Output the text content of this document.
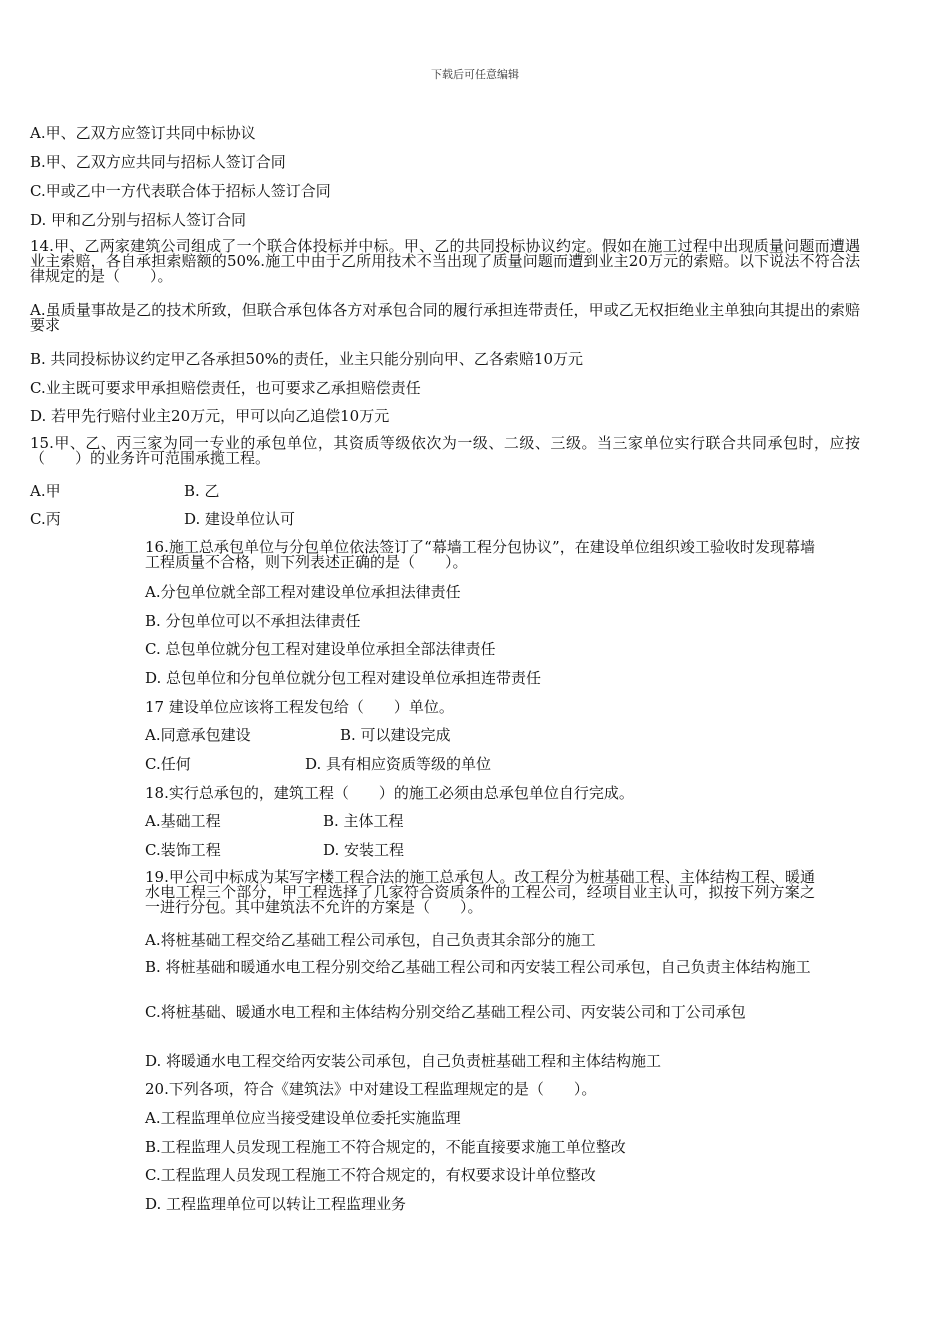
下载后可任意编辑
A.甲、乙双方应签订共同中标协议
B.甲、乙双方应共同与招标人签订合同
C.甲或乙中一方代表联合体于招标人签订合同
D. 甲和乙分别与招标人签订合同
14.甲、乙两家建筑公司组成了一个联合体投标并中标。甲、乙的共同投标协议约定。假如在施工过程中出现质量问题而遭遇业主索赔，各自承担索赔额的50%.施工中由于乙所用技术不当出现了质量问题而遭到业主20万元的索赔。以下说法不符合法律规定的是（　　）。
A.虽质量事故是乙的技术所致，但联合承包体各方对承包合同的履行承担连带责任，甲或乙无权拒绝业主单独向其提出的索赔要求
B. 共同投标协议约定甲乙各承担50%的责任，业主只能分别向甲、乙各索赔10万元
C.业主既可要求甲承担赔偿责任，也可要求乙承担赔偿责任
D. 若甲先行赔付业主20万元，甲可以向乙追偿10万元
15.甲、乙、丙三家为同一专业的承包单位，其资质等级依次为一级、二级、三级。当三家单位实行联合共同承包时，应按（　　）的业务许可范围承揽工程。
A.甲	B. 乙
C.丙	D. 建设单位认可
16.施工总承包单位与分包单位依法签订了“幕墙工程分包协议”，在建设单位组织竣工验收时发现幕墙工程质量不合格，则下列表述正确的是（　　）。
A.分包单位就全部工程对建设单位承担法律责任
B. 分包单位可以不承担法律责任
C. 总包单位就分包工程对建设单位承担全部法律责任
D. 总包单位和分包单位就分包工程对建设单位承担连带责任
17 建设单位应该将工程发包给（　　）单位。
A.同意承包建设	B. 可以建设完成
C.任何	D. 具有相应资质等级的单位
18.实行总承包的，建筑工程（　　）的施工必须由总承包单位自行完成。
A.基础工程	B. 主体工程
C.装饰工程	D. 安装工程
19.甲公司中标成为某写字楼工程合法的施工总承包人。改工程分为桩基础工程、主体结构工程、暖通水电工程三个部分，甲工程选择了几家符合资质条件的工程公司，经项目业主认可，拟按下列方案之一进行分包。其中建筑法不允许的方案是（　　）。
A.将桩基础工程交给乙基础工程公司承包，自己负责其余部分的施工
B. 将桩基础和暖通水电工程分别交给乙基础工程公司和丙安装工程公司承包，自己负责主体结构施工
C.将桩基础、暖通水电工程和主体结构分别交给乙基础工程公司、丙安装公司和丁公司承包
D. 将暖通水电工程交给丙安装公司承包，自己负责桩基础工程和主体结构施工
20.下列各项，符合《建筑法》中对建设工程监理规定的是（　　）。
A.工程监理单位应当接受建设单位委托实施监理
B.工程监理人员发现工程施工不符合规定的，不能直接要求施工单位整改
C.工程监理人员发现工程施工不符合规定的，有权要求设计单位整改
D. 工程监理单位可以转让工程监理业务
